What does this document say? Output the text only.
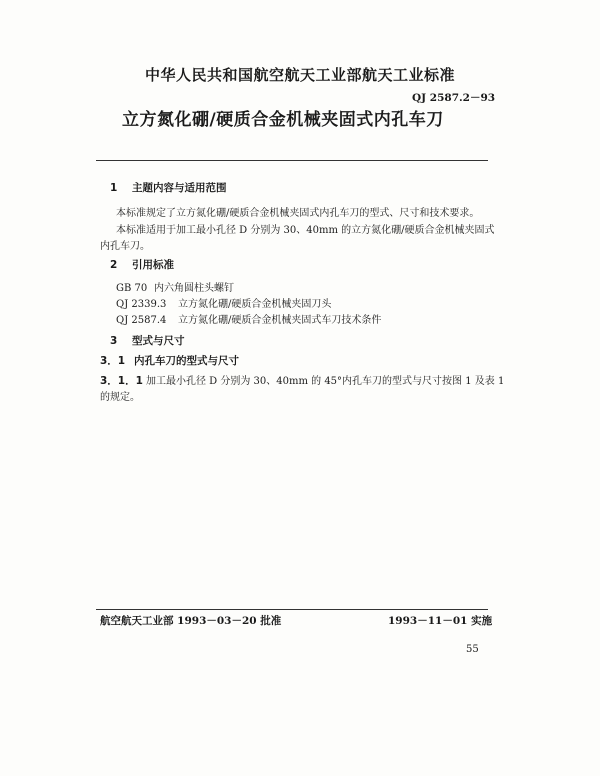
中华人民共和国航空航天工业部航天工业标准
QJ 2587.2－93
立方氮化硼/硬质合金机械夹固式内孔车刀
1 主题内容与适用范围
本标准规定了立方氮化硼/硬质合金机械夹固式内孔车刀的型式、尺寸和技术要求。
本标准适用于加工最小孔径 D 分别为 30、40mm 的立方氮化硼/硬质合金机械夹固式
内孔车刀。
2 引用标准
GB 70 内六角圆柱头螺钉
QJ 2339.3 立方氮化硼/硬质合金机械夹固刀头
QJ 2587.4 立方氮化硼/硬质合金机械夹固式车刀技术条件
3 型式与尺寸
3．1 内孔车刀的型式与尺寸
3．1．1 加工最小孔径 D 分别为 30、40mm 的 45°内孔车刀的型式与尺寸按图 1 及表 1
的规定。
航空航天工业部 1993－03－20 批准	1993－11－01 实施
55
